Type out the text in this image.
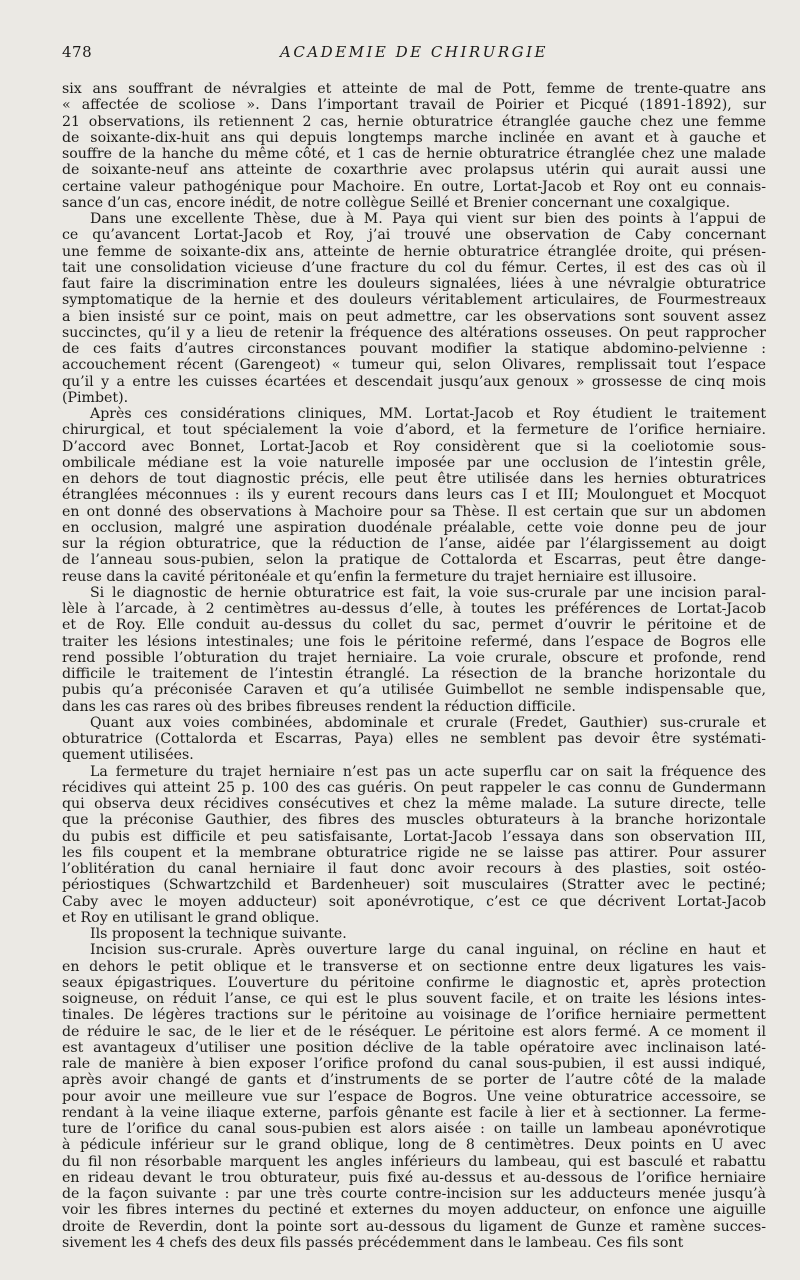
478	ACADEMIE DE CHIRURGIE
six ans souffrant de névralgies et atteinte de mal de Pott, femme de trente-quatre ans
« affectée de scoliose ». Dans l’important travail de Poirier et Picqué (1891-1892), sur
21 observations, ils retiennent 2 cas, hernie obturatrice étranglée gauche chez une femme
de soixante-dix-huit ans qui depuis longtemps marche inclinée en avant et à gauche et
souffre de la hanche du même côté, et 1 cas de hernie obturatrice étranglée chez une malade
de soixante-neuf ans atteinte de coxarthrie avec prolapsus utérin qui aurait aussi une
certaine valeur pathogénique pour Machoire. En outre, Lortat-Jacob et Roy ont eu connais-
sance d’un cas, encore inédit, de notre collègue Seillé et Brenier concernant une coxalgique.
Dans une excellente Thèse, due à M. Paya qui vient sur bien des points à l’appui de
ce qu’avancent Lortat-Jacob et Roy, j’ai trouvé une observation de Caby concernant
une femme de soixante-dix ans, atteinte de hernie obturatrice étranglée droite, qui présen-
tait une consolidation vicieuse d’une fracture du col du fémur. Certes, il est des cas où il
faut faire la discrimination entre les douleurs signalées, liées à une névralgie obturatrice
symptomatique de la hernie et des douleurs véritablement articulaires, de Fourmestreaux
a bien insisté sur ce point, mais on peut admettre, car les observations sont souvent assez
succinctes, qu’il y a lieu de retenir la fréquence des altérations osseuses. On peut rapprocher
de ces faits d’autres circonstances pouvant modifier la statique abdomino-pelvienne :
accouchement récent (Garengeot) « tumeur qui, selon Olivares, remplissait tout l’espace
qu’il y a entre les cuisses écartées et descendait jusqu’aux genoux » grossesse de cinq mois
(Pimbet).
Après ces considérations cliniques, MM. Lortat-Jacob et Roy étudient le traitement
chirurgical, et tout spécialement la voie d’abord, et la fermeture de l’orifice herniaire.
D’accord avec Bonnet, Lortat-Jacob et Roy considèrent que si la coeliotomie sous-
ombilicale médiane est la voie naturelle imposée par une occlusion de l’intestin grêle,
en dehors de tout diagnostic précis, elle peut être utilisée dans les hernies obturatrices
étranglées méconnues : ils y eurent recours dans leurs cas I et III; Moulonguet et Mocquot
en ont donné des observations à Machoire pour sa Thèse. Il est certain que sur un abdomen
en occlusion, malgré une aspiration duodénale préalable, cette voie donne peu de jour
sur la région obturatrice, que la réduction de l’anse, aidée par l’élargissement au doigt
de l’anneau sous-pubien, selon la pratique de Cottalorda et Escarras, peut être dange-
reuse dans la cavité péritonéale et qu’enfin la fermeture du trajet herniaire est illusoire.
Si le diagnostic de hernie obturatrice est fait, la voie sus-crurale par une incision paral-
lèle à l’arcade, à 2 centimètres au-dessus d’elle, à toutes les préférences de Lortat-Jacob
et de Roy. Elle conduit au-dessus du collet du sac, permet d’ouvrir le péritoine et de
traiter les lésions intestinales; une fois le péritoine refermé, dans l’espace de Bogros elle
rend possible l’obturation du trajet herniaire. La voie crurale, obscure et profonde, rend
difficile le traitement de l’intestin étranglé. La résection de la branche horizontale du
pubis qu’a préconisée Caraven et qu’a utilisée Guimbellot ne semble indispensable que,
dans les cas rares où des bribes fibreuses rendent la réduction difficile.
Quant aux voies combinées, abdominale et crurale (Fredet, Gauthier) sus-crurale et
obturatrice (Cottalorda et Escarras, Paya) elles ne semblent pas devoir être systémati-
quement utilisées.
La fermeture du trajet herniaire n’est pas un acte superflu car on sait la fréquence des
récidives qui atteint 25 p. 100 des cas guéris. On peut rappeler le cas connu de Gundermann
qui observa deux récidives consécutives et chez la même malade. La suture directe, telle
que la préconise Gauthier, des fibres des muscles obturateurs à la branche horizontale
du pubis est difficile et peu satisfaisante, Lortat-Jacob l’essaya dans son observation III,
les fils coupent et la membrane obturatrice rigide ne se laisse pas attirer. Pour assurer
l’oblitération du canal herniaire il faut donc avoir recours à des plasties, soit ostéo-
périostiques (Schwartzchild et Bardenheuer) soit musculaires (Stratter avec le pectiné;
Caby avec le moyen adducteur) soit aponévrotique, c’est ce que décrivent Lortat-Jacob
et Roy en utilisant le grand oblique.
Ils proposent la technique suivante.
Incision sus-crurale. Après ouverture large du canal inguinal, on récline en haut et
en dehors le petit oblique et le transverse et on sectionne entre deux ligatures les vais-
seaux épigastriques. L’ouverture du péritoine confirme le diagnostic et, après protection
soigneuse, on réduit l’anse, ce qui est le plus souvent facile, et on traite les lésions intes-
tinales. De légères tractions sur le péritoine au voisinage de l’orifice herniaire permettent
de réduire le sac, de le lier et de le réséquer. Le péritoine est alors fermé. A ce moment il
est avantageux d’utiliser une position déclive de la table opératoire avec inclinaison laté-
rale de manière à bien exposer l’orifice profond du canal sous-pubien, il est aussi indiqué,
après avoir changé de gants et d’instruments de se porter de l’autre côté de la malade
pour avoir une meilleure vue sur l’espace de Bogros. Une veine obturatrice accessoire, se
rendant à la veine iliaque externe, parfois gênante est facile à lier et à sectionner. La ferme-
ture de l’orifice du canal sous-pubien est alors aisée : on taille un lambeau aponévrotique
à pédicule inférieur sur le grand oblique, long de 8 centimètres. Deux points en U avec
du fil non résorbable marquent les angles inférieurs du lambeau, qui est basculé et rabattu
en rideau devant le trou obturateur, puis fixé au-dessus et au-dessous de l’orifice herniaire
de la façon suivante : par une très courte contre-incision sur les adducteurs menée jusqu’à
voir les fibres internes du pectiné et externes du moyen adducteur, on enfonce une aiguille
droite de Reverdin, dont la pointe sort au-dessous du ligament de Gunze et ramène succes-
sivement les 4 chefs des deux fils passés précédemment dans le lambeau. Ces fils sont
